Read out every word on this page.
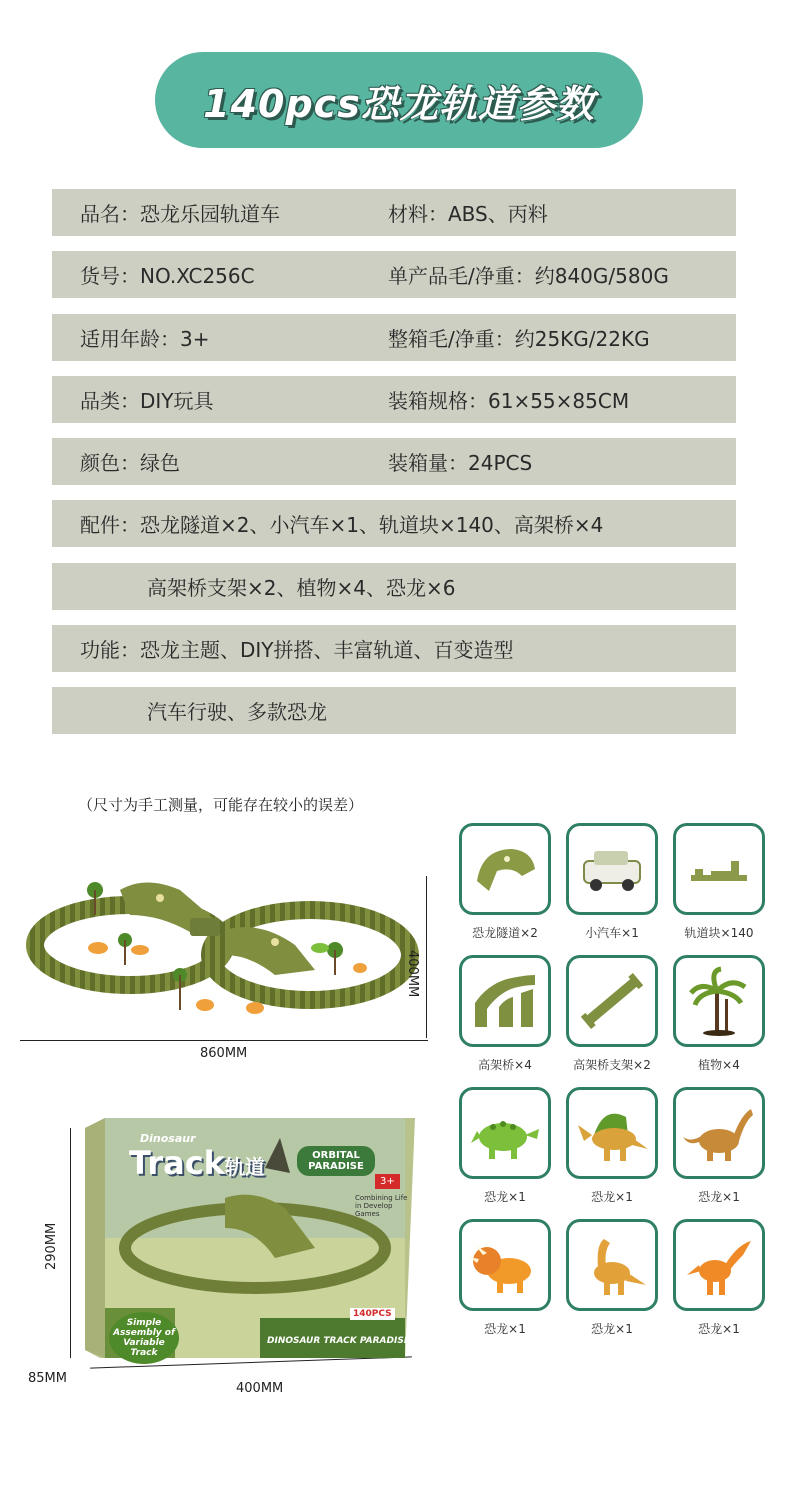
140pcs恐龙轨道参数
品名：恐龙乐园轨道车	材料：ABS、丙料
货号：NO.XC256C	单产品毛/净重：约840G/580G
适用年龄：3+	整箱毛/净重：约25KG/22KG
品类：DIY玩具	装箱规格：61×55×85CM
颜色：绿色	装箱量：24PCS
配件：恐龙隧道×2、小汽车×1、轨道块×140、高架桥×4
高架桥支架×2、植物×4、恐龙×6
功能：恐龙主题、DIY拼搭、丰富轨道、百变造型
汽车行驶、多款恐龙
（尺寸为手工测量，可能存在较小的误差）
400MM
860MM
290MM
85MM
400MM
Dinosaur
Track轨道	ORBITAL PARADISE
3+
Combining Life in Develop Games
Simple Assembly of Variable Track
140PCS
DINOSAUR TRACK PARADISE
恐龙隧道×2	小汽车×1	轨道块×140
高架桥×4	高架桥支架×2	植物×4
恐龙×1	恐龙×1	恐龙×1
恐龙×1	恐龙×1	恐龙×1
